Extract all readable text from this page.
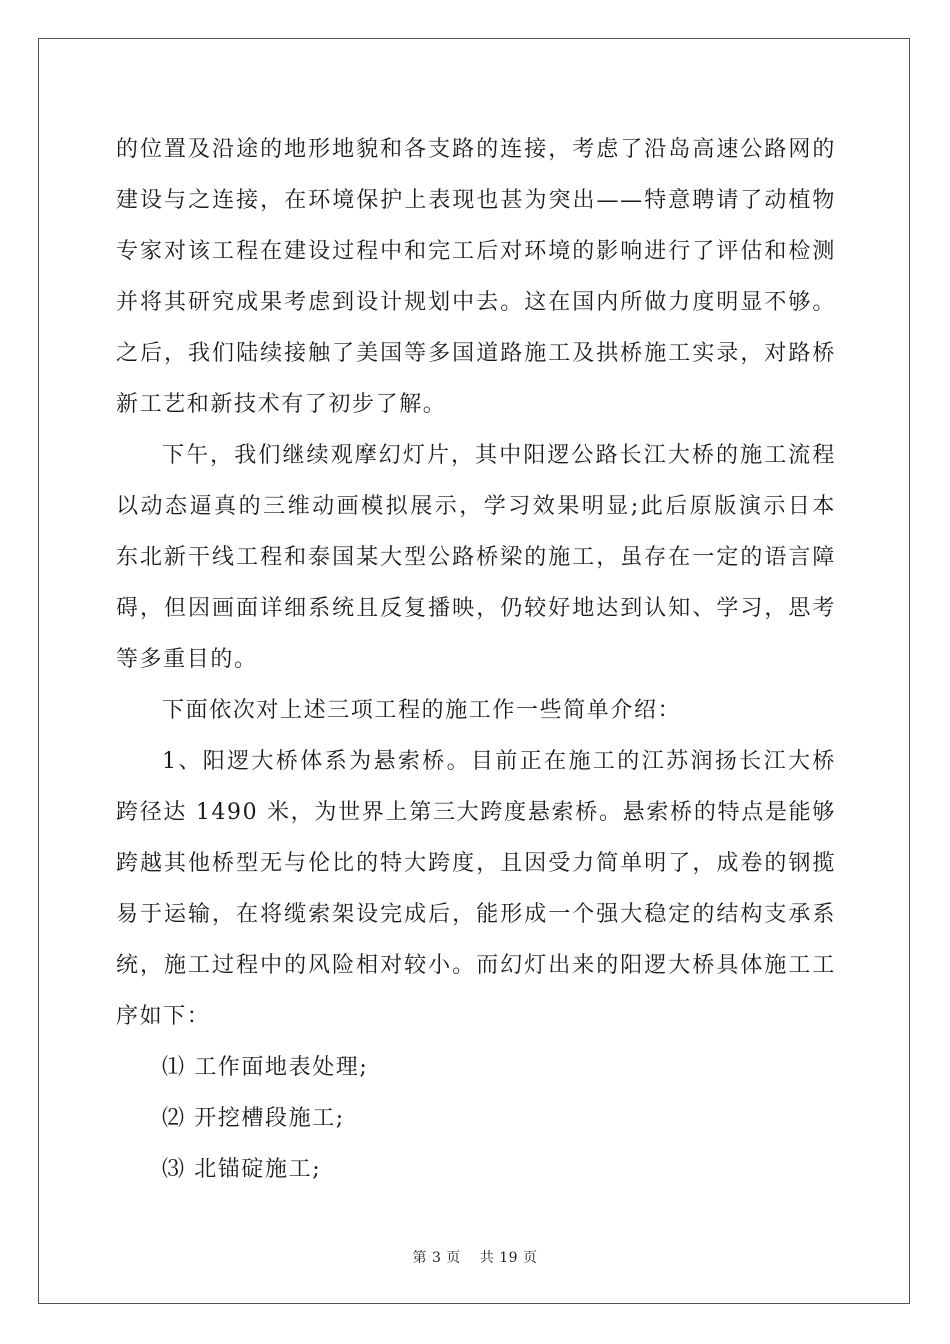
的位置及沿途的地形地貌和各支路的连接，考虑了沿岛高速公路网的
建设与之连接，在环境保护上表现也甚为突出——特意聘请了动植物
专家对该工程在建设过程中和完工后对环境的影响进行了评估和检测
并将其研究成果考虑到设计规划中去。这在国内所做力度明显不够。
之后，我们陆续接触了美国等多国道路施工及拱桥施工实录，对路桥
新工艺和新技术有了初步了解。
下午，我们继续观摩幻灯片，其中阳逻公路长江大桥的施工流程
以动态逼真的三维动画模拟展示，学习效果明显;此后原版演示日本
东北新干线工程和泰国某大型公路桥梁的施工，虽存在一定的语言障
碍，但因画面详细系统且反复播映，仍较好地达到认知、学习，思考
等多重目的。
下面依次对上述三项工程的施工作一些简单介绍：
1、阳逻大桥体系为悬索桥。目前正在施工的江苏润扬长江大桥
跨径达 1490 米，为世界上第三大跨度悬索桥。悬索桥的特点是能够
跨越其他桥型无与伦比的特大跨度，且因受力简单明了，成卷的钢揽
易于运输，在将缆索架设完成后，能形成一个强大稳定的结构支承系
统，施工过程中的风险相对较小。而幻灯出来的阳逻大桥具体施工工
序如下：
⑴ 工作面地表处理;
⑵ 开挖槽段施工;
⑶ 北锚碇施工;
第 3 页 共 19 页
